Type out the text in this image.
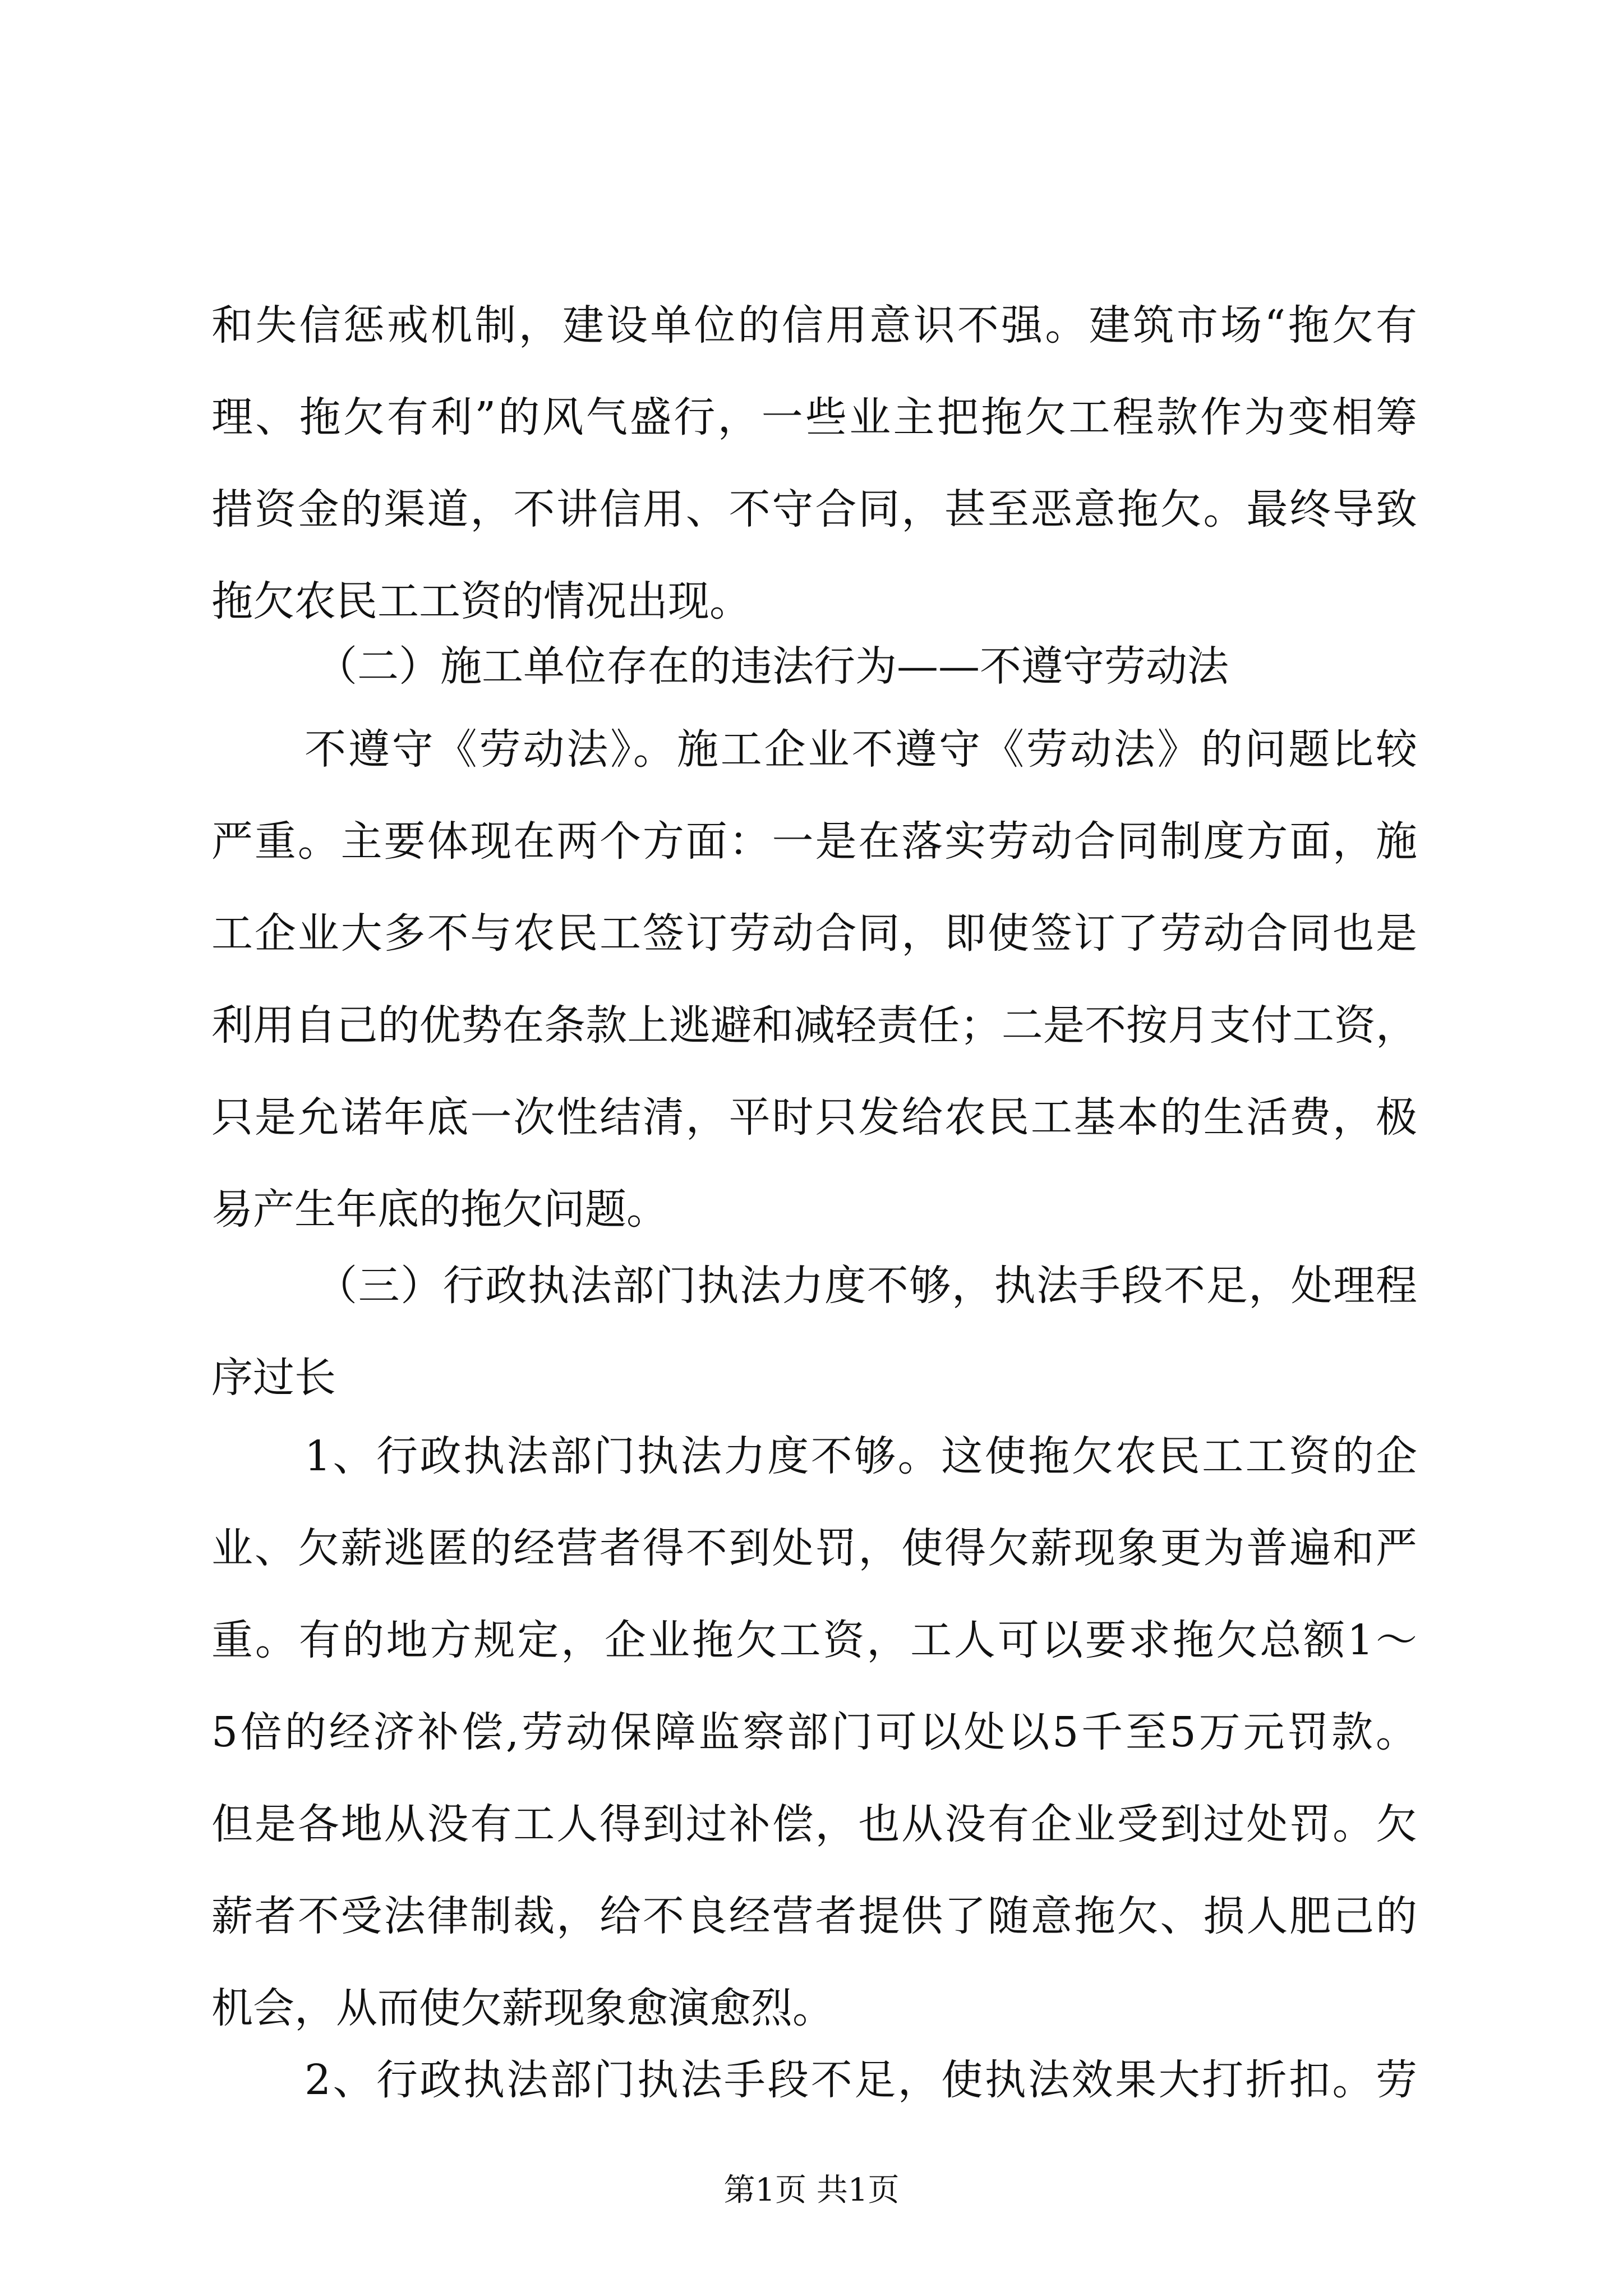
和失信惩戒机制，建设单位的信用意识不强。建筑市场“拖欠有
理、拖欠有利”的风气盛行，一些业主把拖欠工程款作为变相筹
措资金的渠道，不讲信用、不守合同，甚至恶意拖欠。最终导致
拖欠农民工工资的情况出现。
（二）施工单位存在的违法行为——不遵守劳动法
不遵守《劳动法》。施工企业不遵守《劳动法》的问题比较
严重。主要体现在两个方面：一是在落实劳动合同制度方面，施
工企业大多不与农民工签订劳动合同，即使签订了劳动合同也是
利用自己的优势在条款上逃避和减轻责任；二是不按月支付工资，
只是允诺年底一次性结清，平时只发给农民工基本的生活费，极
易产生年底的拖欠问题。
（三）行政执法部门执法力度不够，执法手段不足，处理程
序过长
1、行政执法部门执法力度不够。这使拖欠农民工工资的企
业、欠薪逃匿的经营者得不到处罚，使得欠薪现象更为普遍和严
重。有的地方规定，企业拖欠工资，工人可以要求拖欠总额1～
5倍的经济补偿,劳动保障监察部门可以处以5千至5万元罚款。
但是各地从没有工人得到过补偿，也从没有企业受到过处罚。欠
薪者不受法律制裁，给不良经营者提供了随意拖欠、损人肥己的
机会，从而使欠薪现象愈演愈烈。
2、行政执法部门执法手段不足，使执法效果大打折扣。劳
第1页 共1页
